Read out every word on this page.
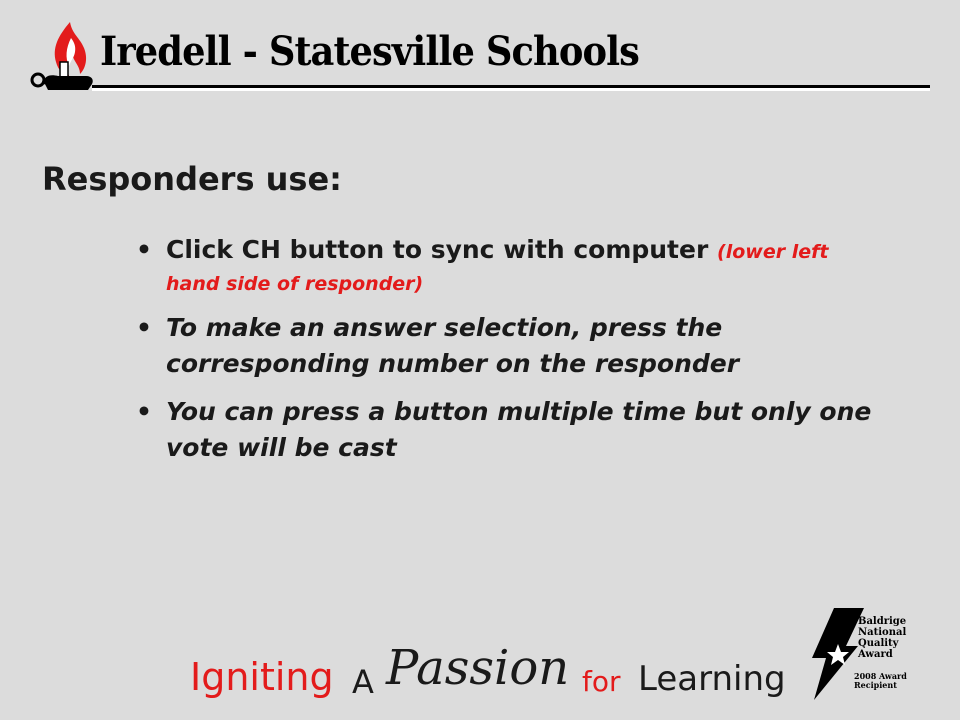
Iredell - Statesville Schools
Responders use:
• Click CH button to sync with computer (lower left
hand side of responder)
• To make an answer selection, press the corresponding number on the responder
• You can press a button multiple time but only one vote will be cast
Igniting A Passion for Learning
Baldrige
National
Quality
Award
2008 Award
Recipient
